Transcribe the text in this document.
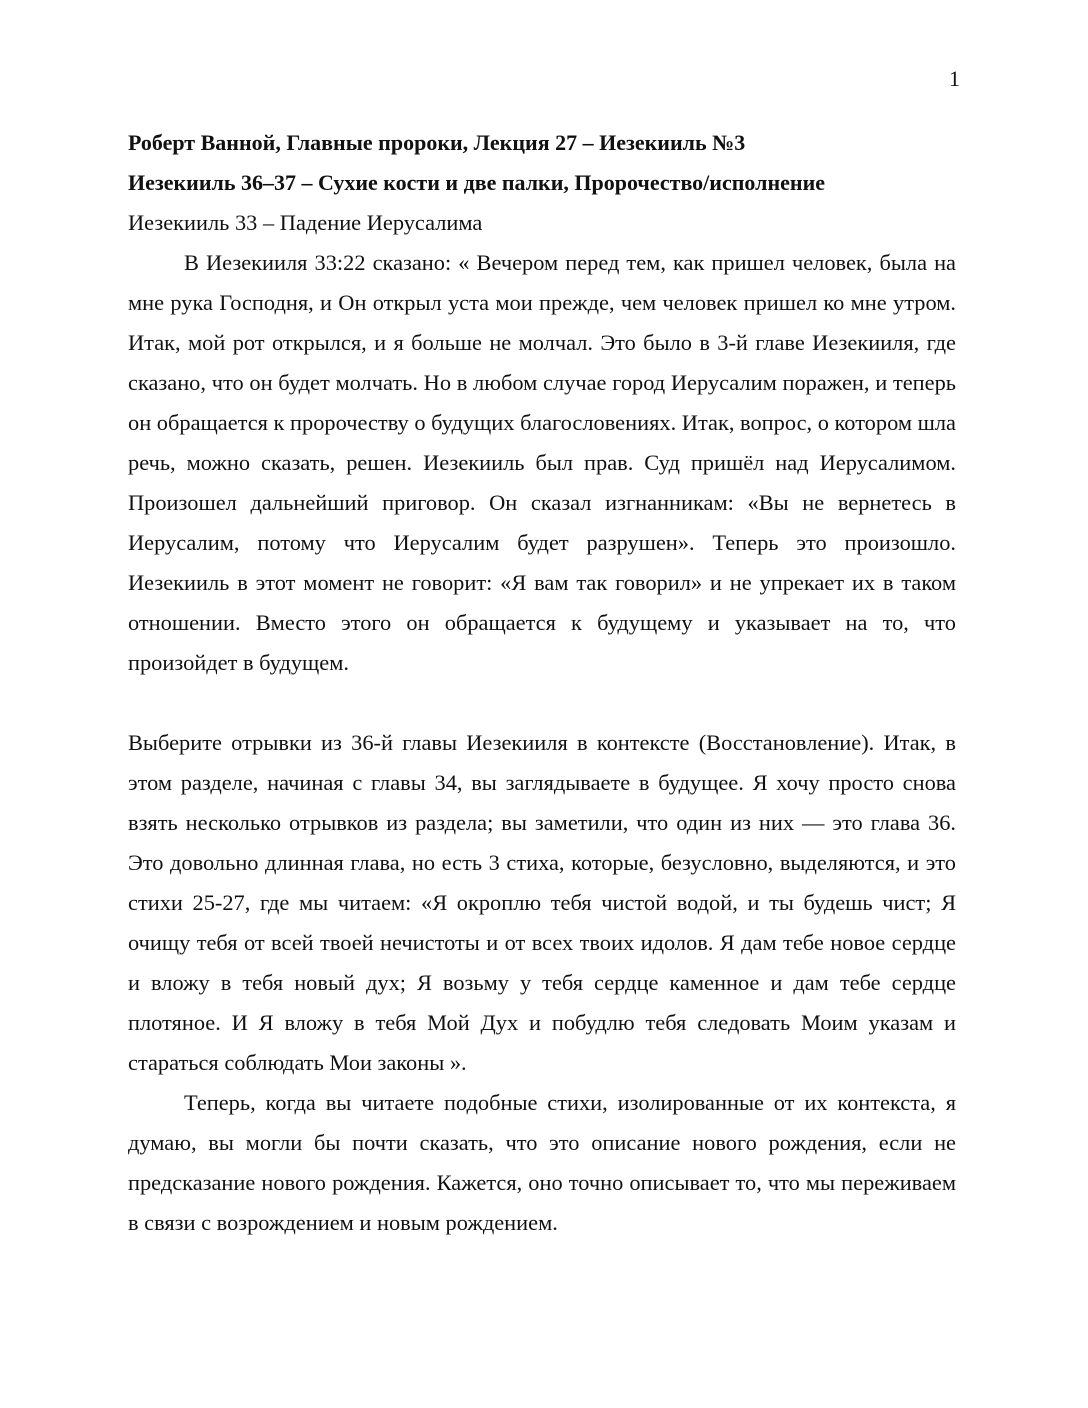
1

Роберт Ванной, Главные пророки, Лекция 27 – Иезекииль №3

Иезекииль 36–37 – Сухие кости и две палки, Пророчество/исполнение

Иезекииль 33 – Падение Иерусалима

В Иезекииля 33:22 сказано: « Вечером перед тем, как пришел человек, была на мне рука Господня, и Он открыл уста мои прежде, чем человек пришел ко мне утром. Итак, мой рот открылся, и я больше не молчал. Это было в 3-й главе Иезекииля, где сказано, что он будет молчать. Но в любом случае город Иерусалим поражен, и теперь он обращается к пророчеству о будущих благословениях. Итак, вопрос, о котором шла речь, можно сказать, решен. Иезекииль был прав. Суд пришёл над Иерусалимом. Произошел дальнейший приговор. Он сказал изгнанникам: «Вы не вернетесь в Иерусалим, потому что Иерусалим будет разрушен». Теперь это произошло. Иезекииль в этот момент не говорит: «Я вам так говорил» и не упрекает их в таком отношении. Вместо этого он обращается к будущему и указывает на то, что произойдет в будущем.

Выберите отрывки из 36-й главы Иезекииля в контексте (Восстановление). Итак, в этом разделе, начиная с главы 34, вы заглядываете в будущее. Я хочу просто снова взять несколько отрывков из раздела; вы заметили, что один из них — это глава 36. Это довольно длинная глава, но есть 3 стиха, которые, безусловно, выделяются, и это стихи 25-27, где мы читаем: «Я окроплю тебя чистой водой, и ты будешь чист; Я очищу тебя от всей твоей нечистоты и от всех твоих идолов. Я дам тебе новое сердце и вложу в тебя новый дух; Я возьму у тебя сердце каменное и дам тебе сердце плотяное. И Я вложу в тебя Мой Дух и побудлю тебя следовать Моим указам и стараться соблюдать Мои законы ».

Теперь, когда вы читаете подобные стихи, изолированные от их контекста, я думаю, вы могли бы почти сказать, что это описание нового рождения, если не предсказание нового рождения. Кажется, оно точно описывает то, что мы переживаем в связи с возрождением и новым рождением.
